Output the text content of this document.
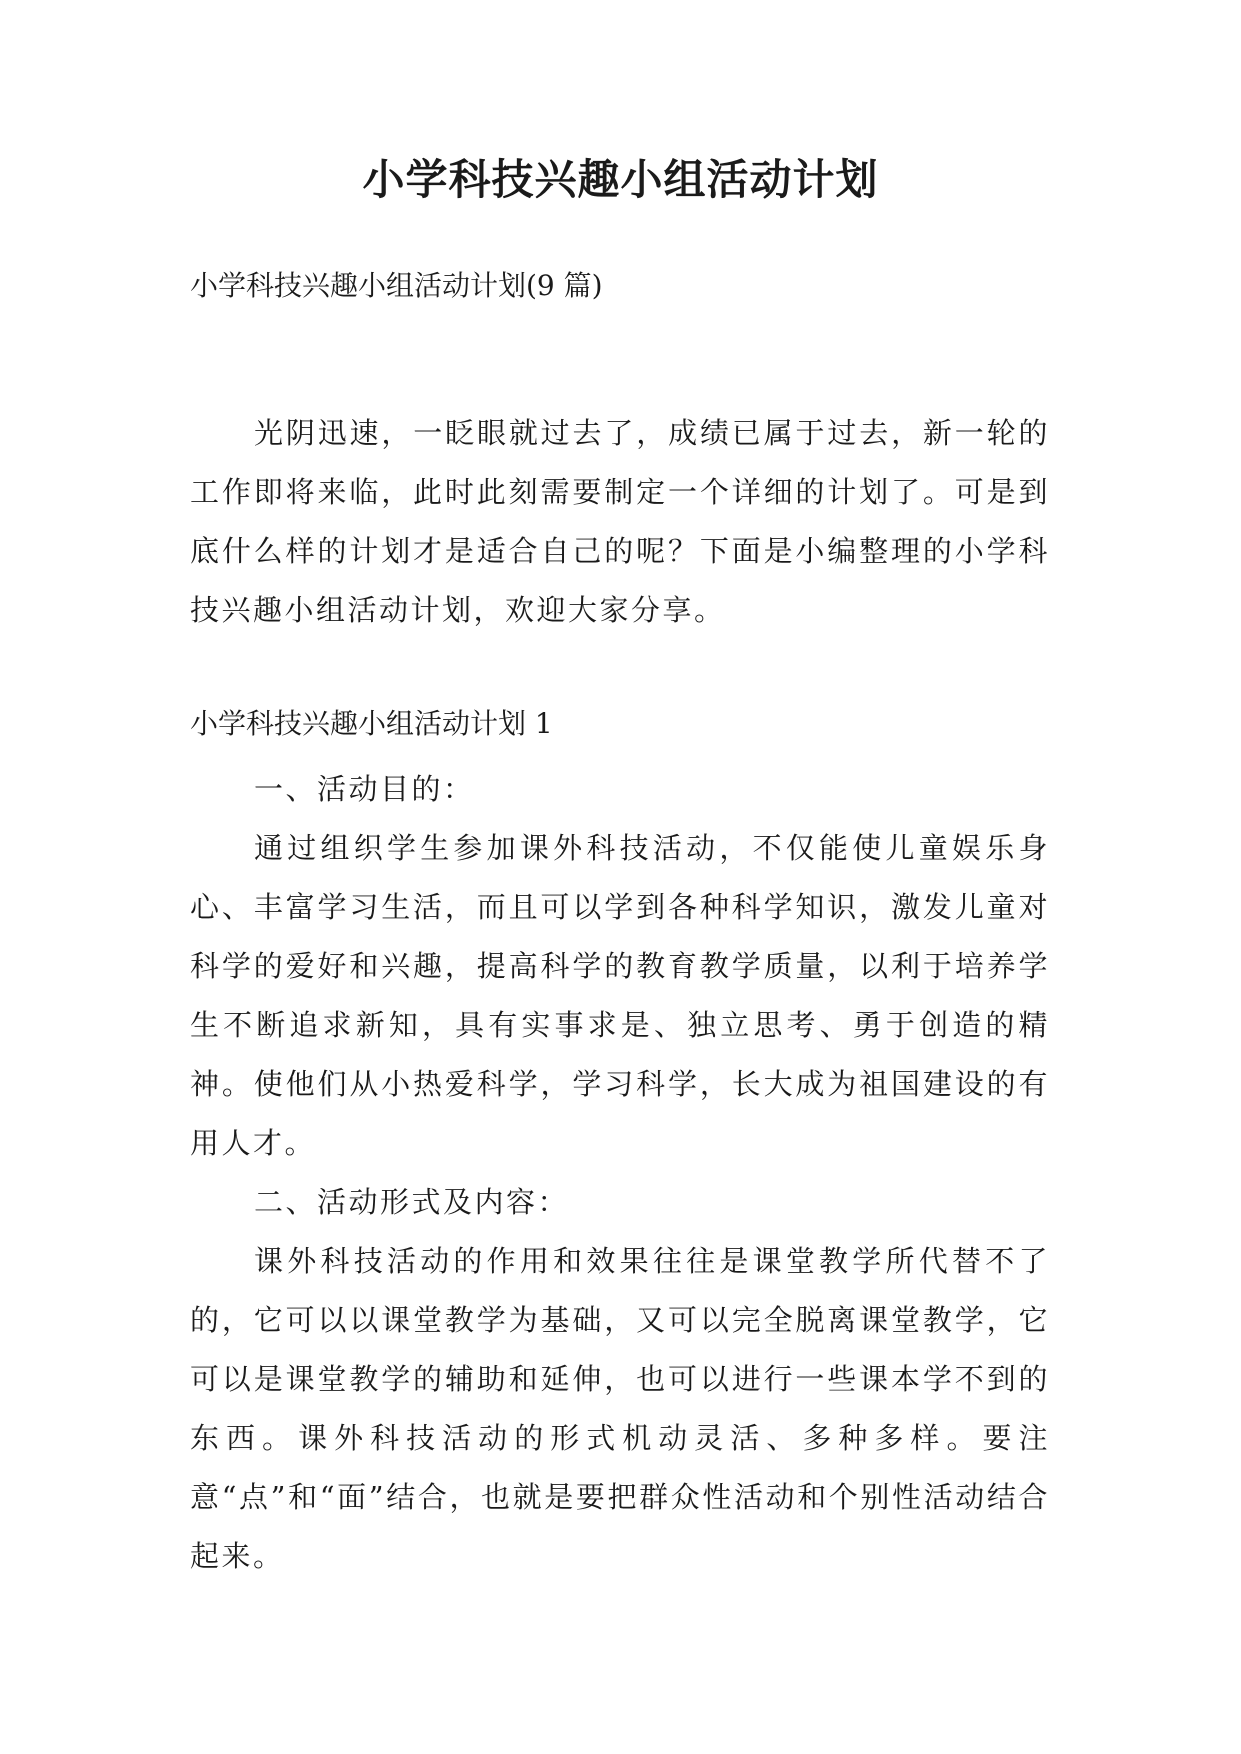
小学科技兴趣小组活动计划

小学科技兴趣小组活动计划(9 篇)

光阴迅速，一眨眼就过去了，成绩已属于过去，新一轮的工作即将来临，此时此刻需要制定一个详细的计划了。可是到底什么样的计划才是适合自己的呢？下面是小编整理的小学科技兴趣小组活动计划，欢迎大家分享。

小学科技兴趣小组活动计划 1

一、活动目的：

通过组织学生参加课外科技活动，不仅能使儿童娱乐身心、丰富学习生活，而且可以学到各种科学知识，激发儿童对科学的爱好和兴趣，提高科学的教育教学质量，以利于培养学生不断追求新知，具有实事求是、独立思考、勇于创造的精神。使他们从小热爱科学，学习科学，长大成为祖国建设的有用人才。

二、活动形式及内容：

课外科技活动的作用和效果往往是课堂教学所代替不了的，它可以以课堂教学为基础，又可以完全脱离课堂教学，它可以是课堂教学的辅助和延伸，也可以进行一些课本学不到的东西。课外科技活动的形式机动灵活、多种多样。要注意“点”和“面”结合，也就是要把群众性活动和个别性活动结合起来。
